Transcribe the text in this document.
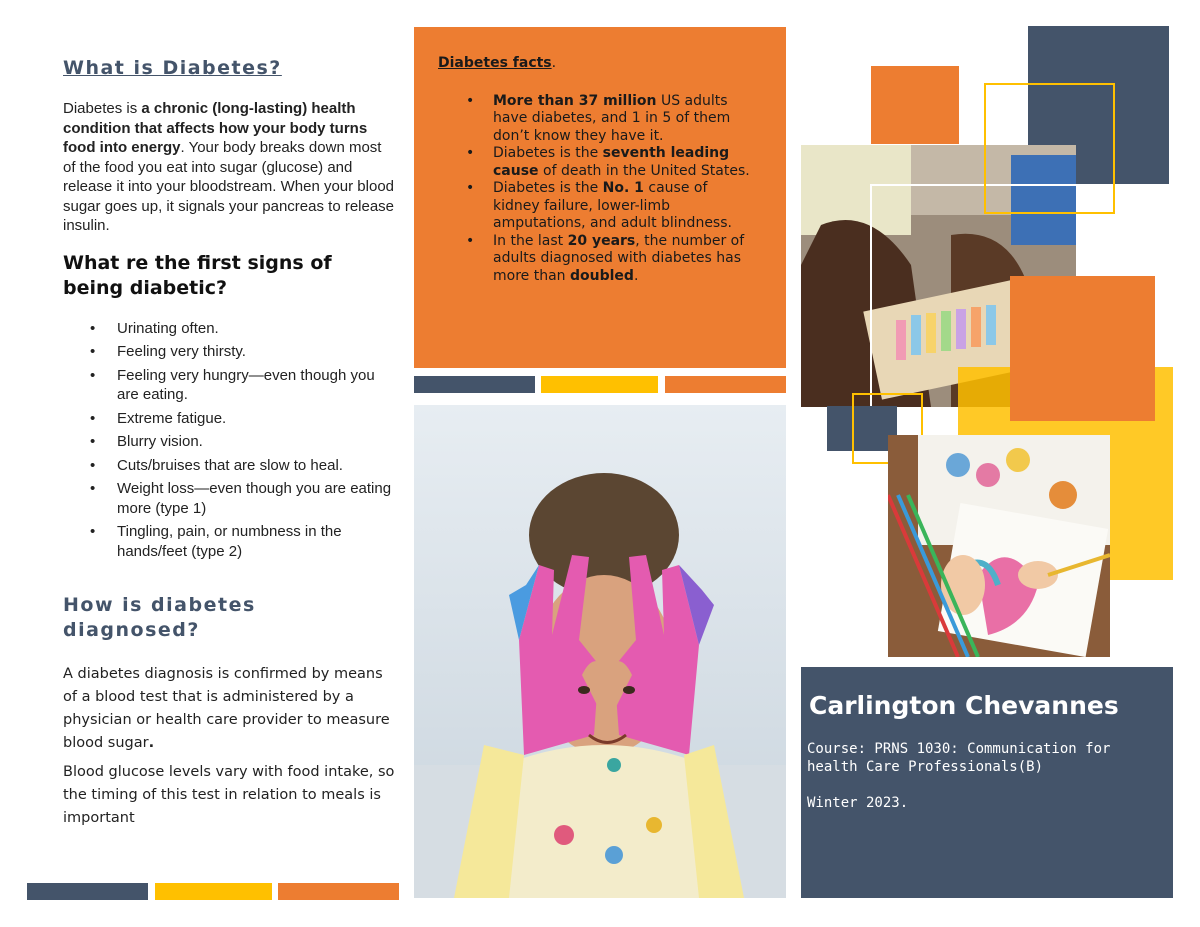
What is Diabetes?

Diabetes is a chronic (long-lasting) health condition that affects how your body turns food into energy. Your body breaks down most of the food you eat into sugar (glucose) and release it into your bloodstream. When your blood sugar goes up, it signals your pancreas to release insulin.

What re the first signs of being diabetic?
• Urinating often.
• Feeling very thirsty.
• Feeling very hungry—even though you are eating.
• Extreme fatigue.
• Blurry vision.
• Cuts/bruises that are slow to heal.
• Weight loss—even though you are eating more (type 1)
• Tingling, pain, or numbness in the hands/feet (type 2)
How is diabetes diagnosed?

A diabetes diagnosis is confirmed by means of a blood test that is administered by a physician or health care provider to measure blood sugar.

Blood glucose levels vary with food intake, so the timing of this test in relation to meals is important

Diabetes facts.
• More than 37 million US adults have diabetes, and 1 in 5 of them don’t know they have it.
• Diabetes is the seventh leading cause of death in the United States.
• Diabetes is the No. 1 cause of kidney failure, lower-limb amputations, and adult blindness.
• In the last 20 years, the number of adults diagnosed with diabetes has more than doubled.
Carlington Chevannes
Course: PRNS 1030: Communication for health Care Professionals(B)
Winter 2023.
